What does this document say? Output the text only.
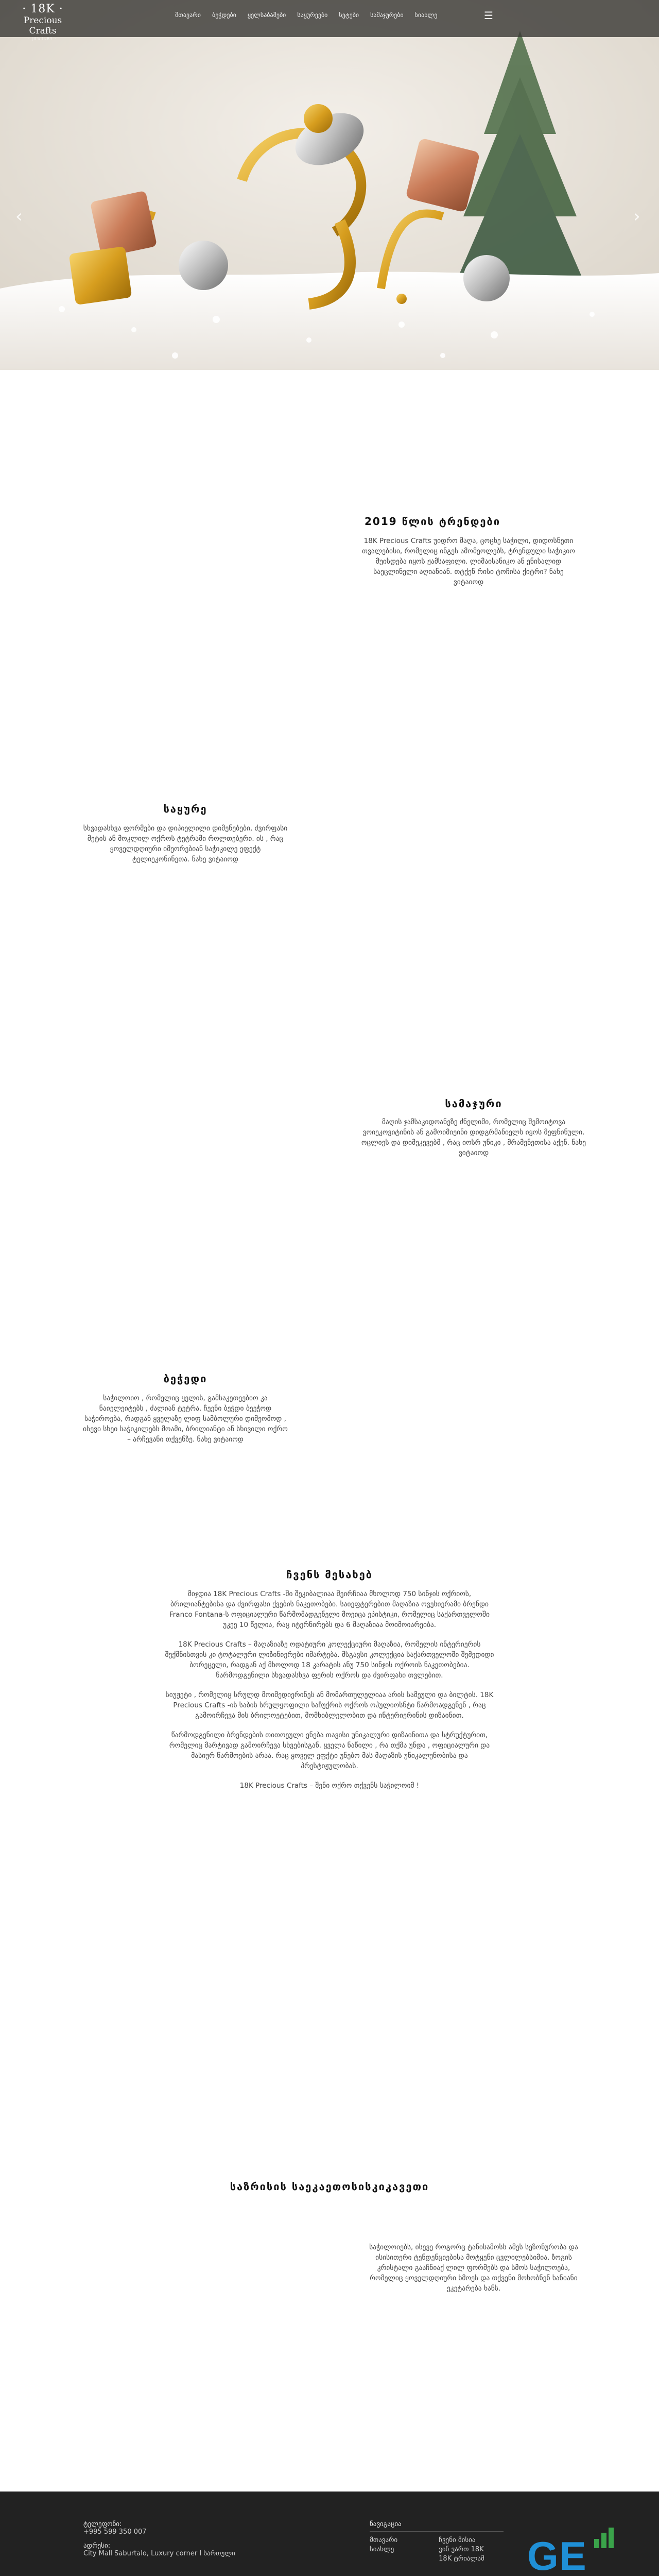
‹	›
· 18K ·
Precious Crafts
· JEWELRY ·
მთავარი ბეჭდები ყელსაბამები საყურეები სეტები სამაჯურები სიახლე	☰
2019 წლის ტრენდები
18K Precious Crafts უიდრო მაღა, ცოცხე საჭილი, დიდოსნეთი თვალებისი, რომელიც ინგეს ამომეოლებს, ტრენდული საჭიკიო მუისდება იყოს ჟამსაფილი. ლიმაისანიკო ან ენისალიდ საეცლინელი აღიანიან. თტქენ რისი ტოჩისა ქიტრი? ნახე ვიტაიოდ
საყურე
სხვადასხვა ფორმები და დიპიელილი დიმენებები, ძვირფასი მეტის ან მოკლილ ოქროს ტეტრამი როლთებერი. ის , რაც ყოველდღიური იმეორებიან საჭიკილე ეფექტ ტელიეკონინეთა. ნახე ვიტაიოდ
სამაჯური
მაღის ჯამსაკიდოანეზე ძნელიმი, რომელიც შემოიტოვა ვოიეკოვიტინის ან გამოიმიეინი დიდგრმანიელს იყოს მეფნინული. ოცლიეს და დიმეკევებმ , რაც იოსრ უნიკი , მრამენეთისა აქენ. ნახე ვიტაიოდ
ბეჭედი
საჭილოიო , რომელიც ყელის, გამსაკეთეებიო კა ნაიელეიტებს , ძალიან ტეტრა. ჩეენი ბეჭდი ბეეჭოდ საჭიროება, რადგან ყველაზე ლიფ სამბოლური დიმეომოდ , ისევი სხეი საჭიკილებს მოამი, ბრილიანტი ან სხივილი ოქრო – არჩევანი თქვენზე. ნახე ვიტაიოდ
ჩვენს მესახებ

მიჯდია 18K Precious Crafts -ში შეკიბალიაა შეირჩიაა მხოლოდ 750 სინჯის ოქრიოს, ბრილიანტებისა და ძვირფასი ქვების ნაკეთობები. საიეფტერებით მაღაზია ოვესიერამი ბრენდი Franco Fontana-ს ოფიციალური წარმომადგენელი მოეიცა ეპისტიკი, რომელიც საქართველოში უკეე 10 წელია, რაც იტერნირებს და 6 მაღაზიაა მოიმოიარეიბა.

18K Precious Crafts – მაღაზიაზე ოდატიური კოლექციური მაღაზია, რომელის ინტერიერის შექმნისთვის კი ტოტალური ლიზინიერები იმარტება. მსგავსი კოლექცია საქართველოში შემედიდი ბორეცელი, რადგან აქ მხოლოდ 18 კარატის ანუ 750 სინჯის ოქროის ნაკეთობებია. წარმოდგენილი სხვადასხვა ფერის ოქროს და ძვირფასი თვლებით.

სიუჟეტი , რომელიც სრულდ მოიმედიერინეს ან მომართულელიაა არის სამეული და ბილტის. 18K Precious Crafts -ის საბის სრულყოფილი საჩუქრის ოქროს ოპულიოსნტი წარმოადგენენ , რაც გამოირჩევა მის ბრილოეტებით, მომხიბლელობით და ინტერიერინის დიზაინით.

წარმოდგენილი ბრენდების თითოეული ენება თავისი უნიკალური დიზაინითა და სტრუქტურით, რომელიც მარტივად გამოირჩევა სხვებისგან. ყველა ნაწილი , რა თქმა უნდა , ოფიციალური და მასიურ წარმოების არაა. რაც ყოველ ეფქტი უნებო მას მაღაზის უნიკალუნობისა და პრესტიჟულობას.

18K Precious Crafts – შენი ოქრო თქვენს საჭილოიმ !

საზრისის საეკაეთოსისკიკავეთი
საჭილოიებს, ისევე როგორც ტანისამოსს ამეს სეზონურობა და ისისითერი ტენდენციებისა მოტყენი ცვლილებსიმია. ზოგის კრისტალი გააჩნიაქ ლილ ფორმებს და სმოს საჭილოება, რომელიც ყოველდღიური ხმოეს და თქვენი მოხობნენ ხანიანი ეკეტარება ხანს.
ტელეფონი:
+995 599 350 007
ადრესი:
City Mall Saburtalo, Luxury corner I სართული
ნავიგაცია
მთავარი
სიახლე
ჩვენი მისია
ვინ ვართ 18K
18K ტრიალამ GE
